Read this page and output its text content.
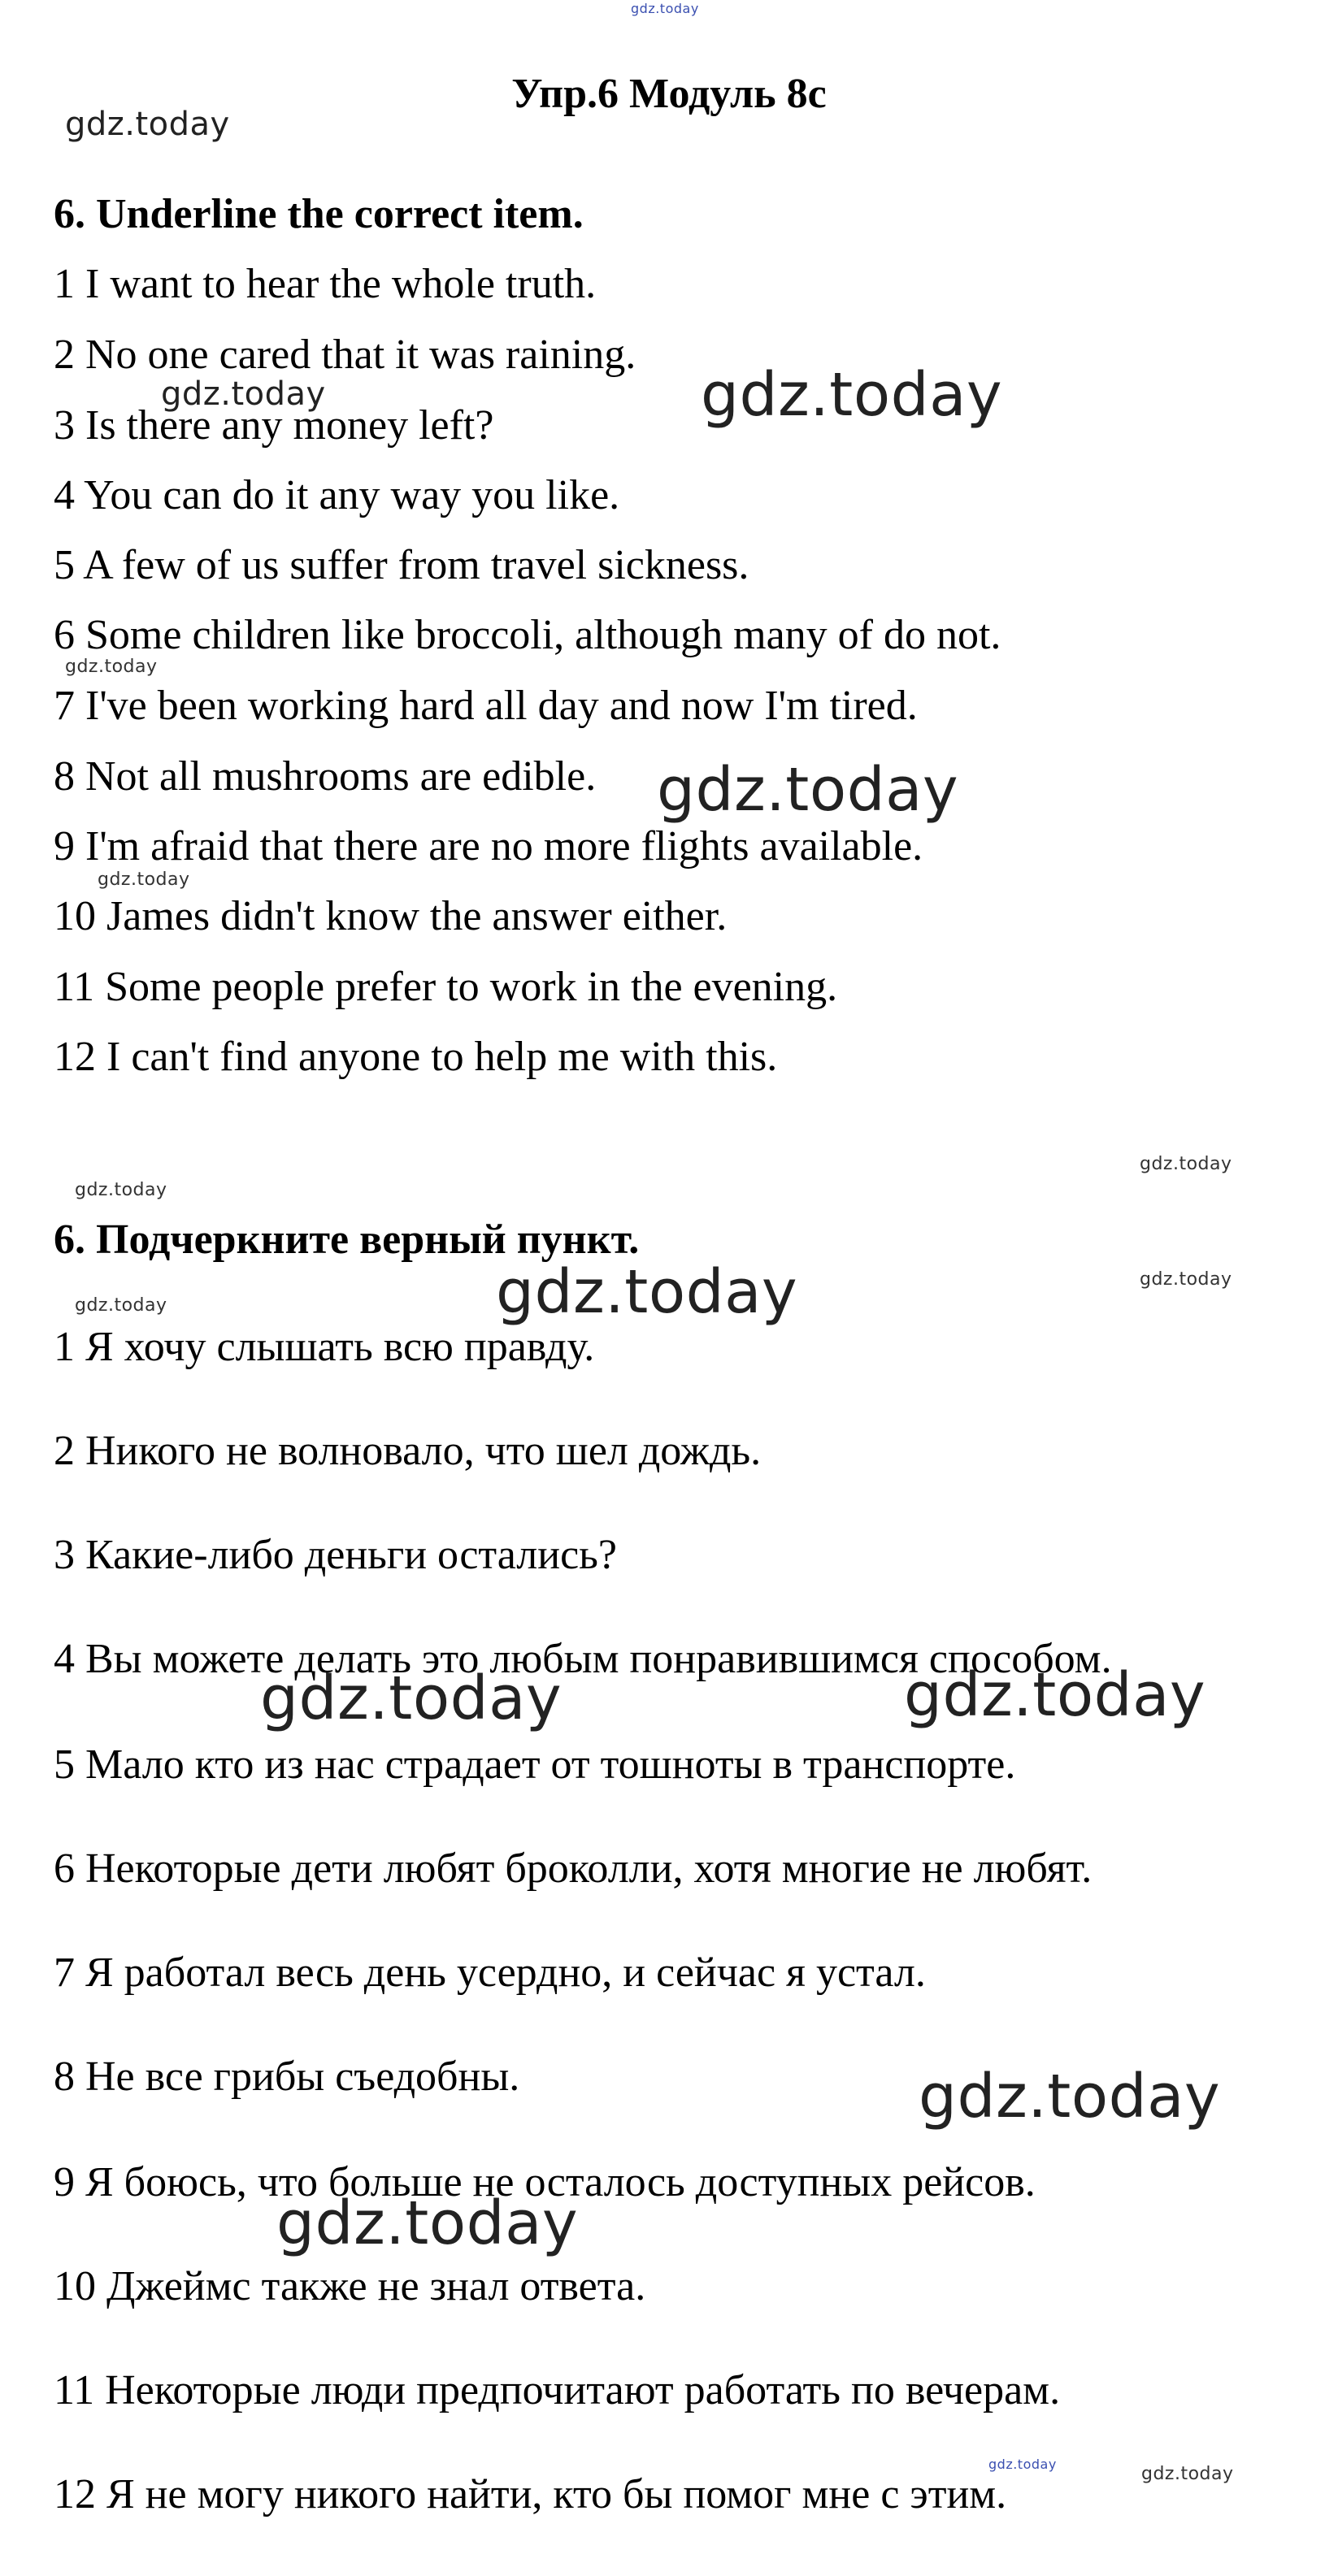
Упр.6 Модуль 8с
6. Underline the correct item.
1 I want to hear the whole truth.
2 No one cared that it was raining.
3 Is there any money left?
4 You can do it any way you like.
5 A few of us suffer from travel sickness.
6 Some children like broccoli, although many of do not.
7 I've been working hard all day and now I'm tired.
8 Not all mushrooms are edible.
9 I'm afraid that there are no more flights available.
10 James didn't know the answer either.
11 Some people prefer to work in the evening.
12 I can't find anyone to help me with this.
6. Подчеркните верный пункт.
1 Я хочу слышать всю правду.
2 Никого не волновало, что шел дождь.
3 Какие-либо деньги остались?
4 Вы можете делать это любым понравившимся способом.
5 Мало кто из нас страдает от тошноты в транспорте.
6 Некоторые дети любят броколли, хотя многие не любят.
7 Я работал весь день усердно, и сейчас я устал.
8 Не все грибы съедобны.
9 Я боюсь, что больше не осталось доступных рейсов.
10 Джеймс также не знал ответа.
11 Некоторые люди предпочитают работать по вечерам.
12 Я не могу никого найти, кто бы помог мне с этим.
gdz.today
gdz.today
gdz.today
gdz.today
gdz.today
gdz.today
gdz.today
gdz.today
gdz.today
gdz.today	gdz.today
gdz.today
gdz.today	gdz.today
gdz.today
gdz.today
gdz.today	gdz.today
